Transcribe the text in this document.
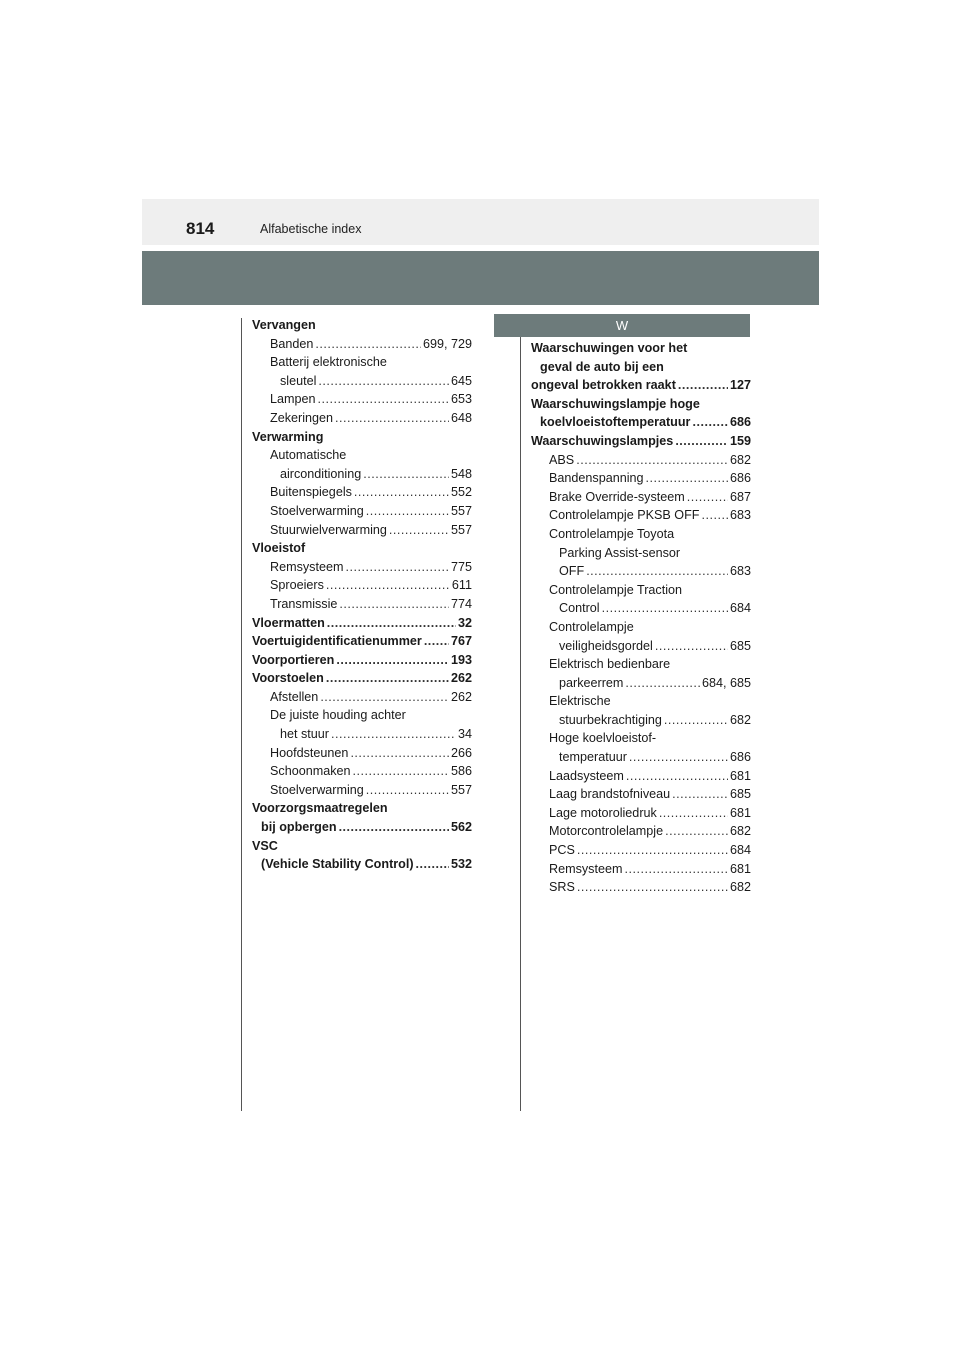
814	Alfabetische index
Vervangen
Banden .....	699, 729
Batterij elektronische
sleutel .....	645
Lampen .....	653
Zekeringen .....	648
Verwarming
Automatische
airconditioning .....	548
Buitenspiegels .....	552
Stoelverwarming .....	557
Stuurwielverwarming .....	557
Vloeistof
Remsysteem .....	775
Sproeiers .....	611
Transmissie .....	774
Vloermatten .....	32
Voertuigidentificatienummer ..... 767
Voorportieren .....	193
Voorstoelen .....	262
Afstellen .....	262
De juiste houding achter
het stuur .....	34
Hoofdsteunen .....	266
Schoonmaken .....	586
Stoelverwarming .....	557
Voorzorgsmaatregelen
bij opbergen .....	562
VSC
(Vehicle Stability Control) .....	532
W
Waarschuwingen voor het
geval de auto bij een
ongeval betrokken raakt .....	127
Waarschuwingslampje hoge
koelvloeistoftemperatuur .....	686
Waarschuwingslampjes .....	159
ABS .....	682
Bandenspanning .....	686
Brake Override-systeem .....	687
Controlelampje PKSB OFF ..... 683
Controlelampje Toyota
Parking Assist-sensor
OFF .....	683
Controlelampje Traction
Control .....	684
Controlelampje
veiligheidsgordel .....	685
Elektrisch bedienbare
parkeerrem .....	684, 685
Elektrische
stuurbekrachtiging .....	682
Hoge koelvloeistof-
temperatuur .....	686
Laadsysteem .....	681
Laag brandstofniveau .....	685
Lage motoroliedruk .....	681
Motorcontrolelampje .....	682
PCS .....	684
Remsysteem .....	681
SRS .....	682
